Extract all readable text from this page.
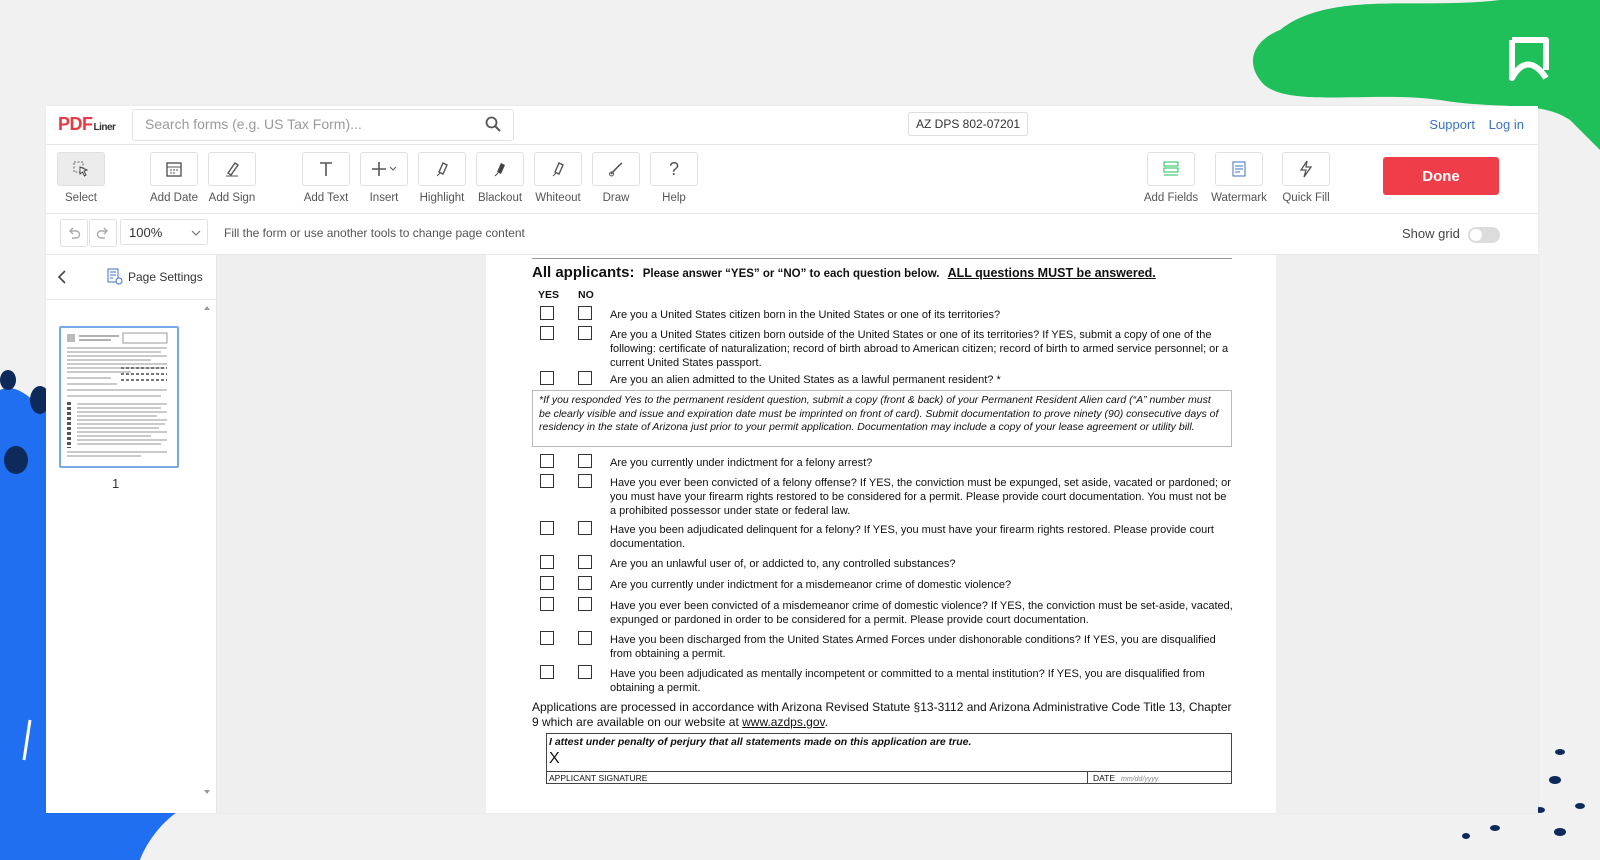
PDFLiner
Search forms (e.g. US Tax Form)...	AZ DPS 802-07201	Support Log in
Select	Add Date Add Sign	Add Text	Insert	Highlight	Blackout	Whiteout	Draw
?
Help	Add Fields Watermark	Quick Fill
Done
100%	Fill the form or use another tools to change page content	Show grid
Page Settings
1
All applicants: Please answer “YES” or “NO” to each question below. ALL questions MUST be answered.
YES NO
Are you a United States citizen born in the United States or one of its territories?
Are you a United States citizen born outside of the United States or one of its territories? If YES, submit a copy of one of the following: certificate of naturalization; record of birth abroad to American citizen; record of birth to armed service personnel; or a current United States passport.
Are you an alien admitted to the United States as a lawful permanent resident? *
*If you responded Yes to the permanent resident question, submit a copy (front & back) of your Permanent Resident Alien card (“A” number must be clearly visible and issue and expiration date must be imprinted on front of card). Submit documentation to prove ninety (90) consecutive days of residency in the state of Arizona just prior to your permit application. Documentation may include a copy of your lease agreement or utility bill.
Are you currently under indictment for a felony arrest?
Have you ever been convicted of a felony offense? If YES, the conviction must be expunged, set aside, vacated or pardoned; or you must have your firearm rights restored to be considered for a permit. Please provide court documentation. You must not be a prohibited possessor under state or federal law.
Have you been adjudicated delinquent for a felony? If YES, you must have your firearm rights restored. Please provide court documentation.
Are you an unlawful user of, or addicted to, any controlled substances?
Are you currently under indictment for a misdemeanor crime of domestic violence?
Have you ever been convicted of a misdemeanor crime of domestic violence? If YES, the conviction must be set-aside, vacated, expunged or pardoned in order to be considered for a permit. Please provide court documentation.
Have you been discharged from the United States Armed Forces under dishonorable conditions? If YES, you are disqualified from obtaining a permit.
Have you been adjudicated as mentally incompetent or committed to a mental institution? If YES, you are disqualified from obtaining a permit.
Applications are processed in accordance with Arizona Revised Statute §13-3112 and Arizona Administrative Code Title 13, Chapter 9 which are available on our website at www.azdps.gov.
I attest under penalty of perjury that all statements made on this application are true.
X
APPLICANT SIGNATURE	DATE mm/dd/yyyy
